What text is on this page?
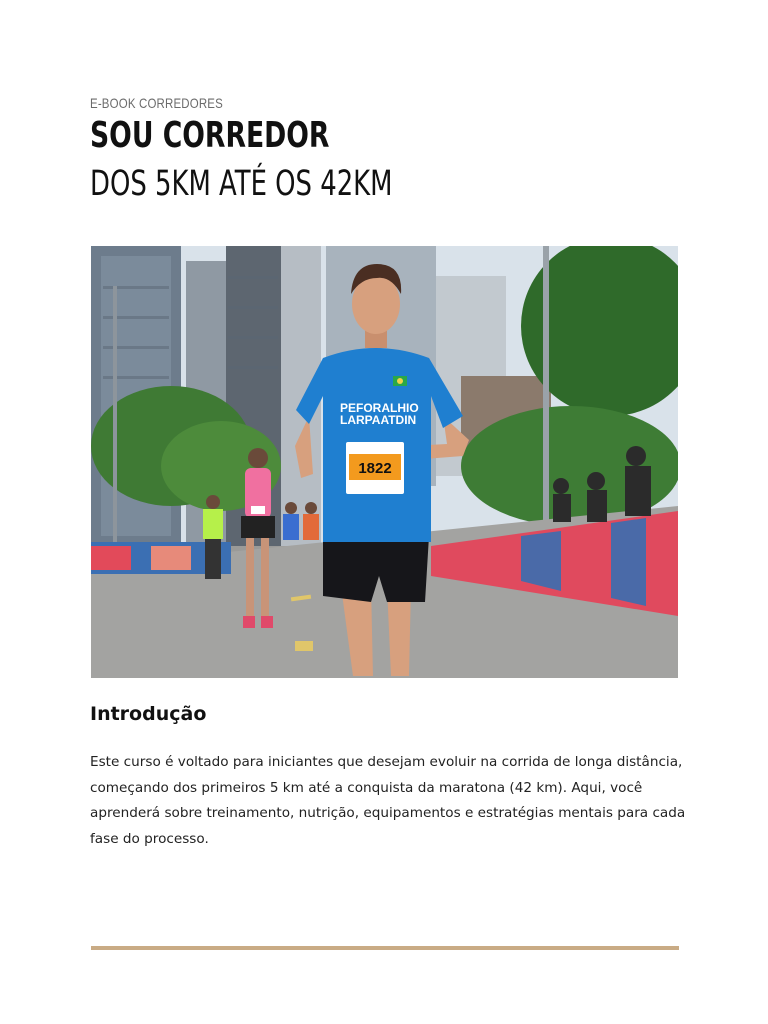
E-BOOK CORREDORES
SOU CORREDOR
DOS 5KM ATÉ OS 42KM
PEFORALHIO
LARPAATDIN
1822
Introdução
Este curso é voltado para iniciantes que desejam evoluir na corrida de longa distância, começando dos primeiros 5 km até a conquista da maratona (42 km). Aqui, você aprenderá sobre treinamento, nutrição, equipamentos e estratégias mentais para cada fase do processo.
